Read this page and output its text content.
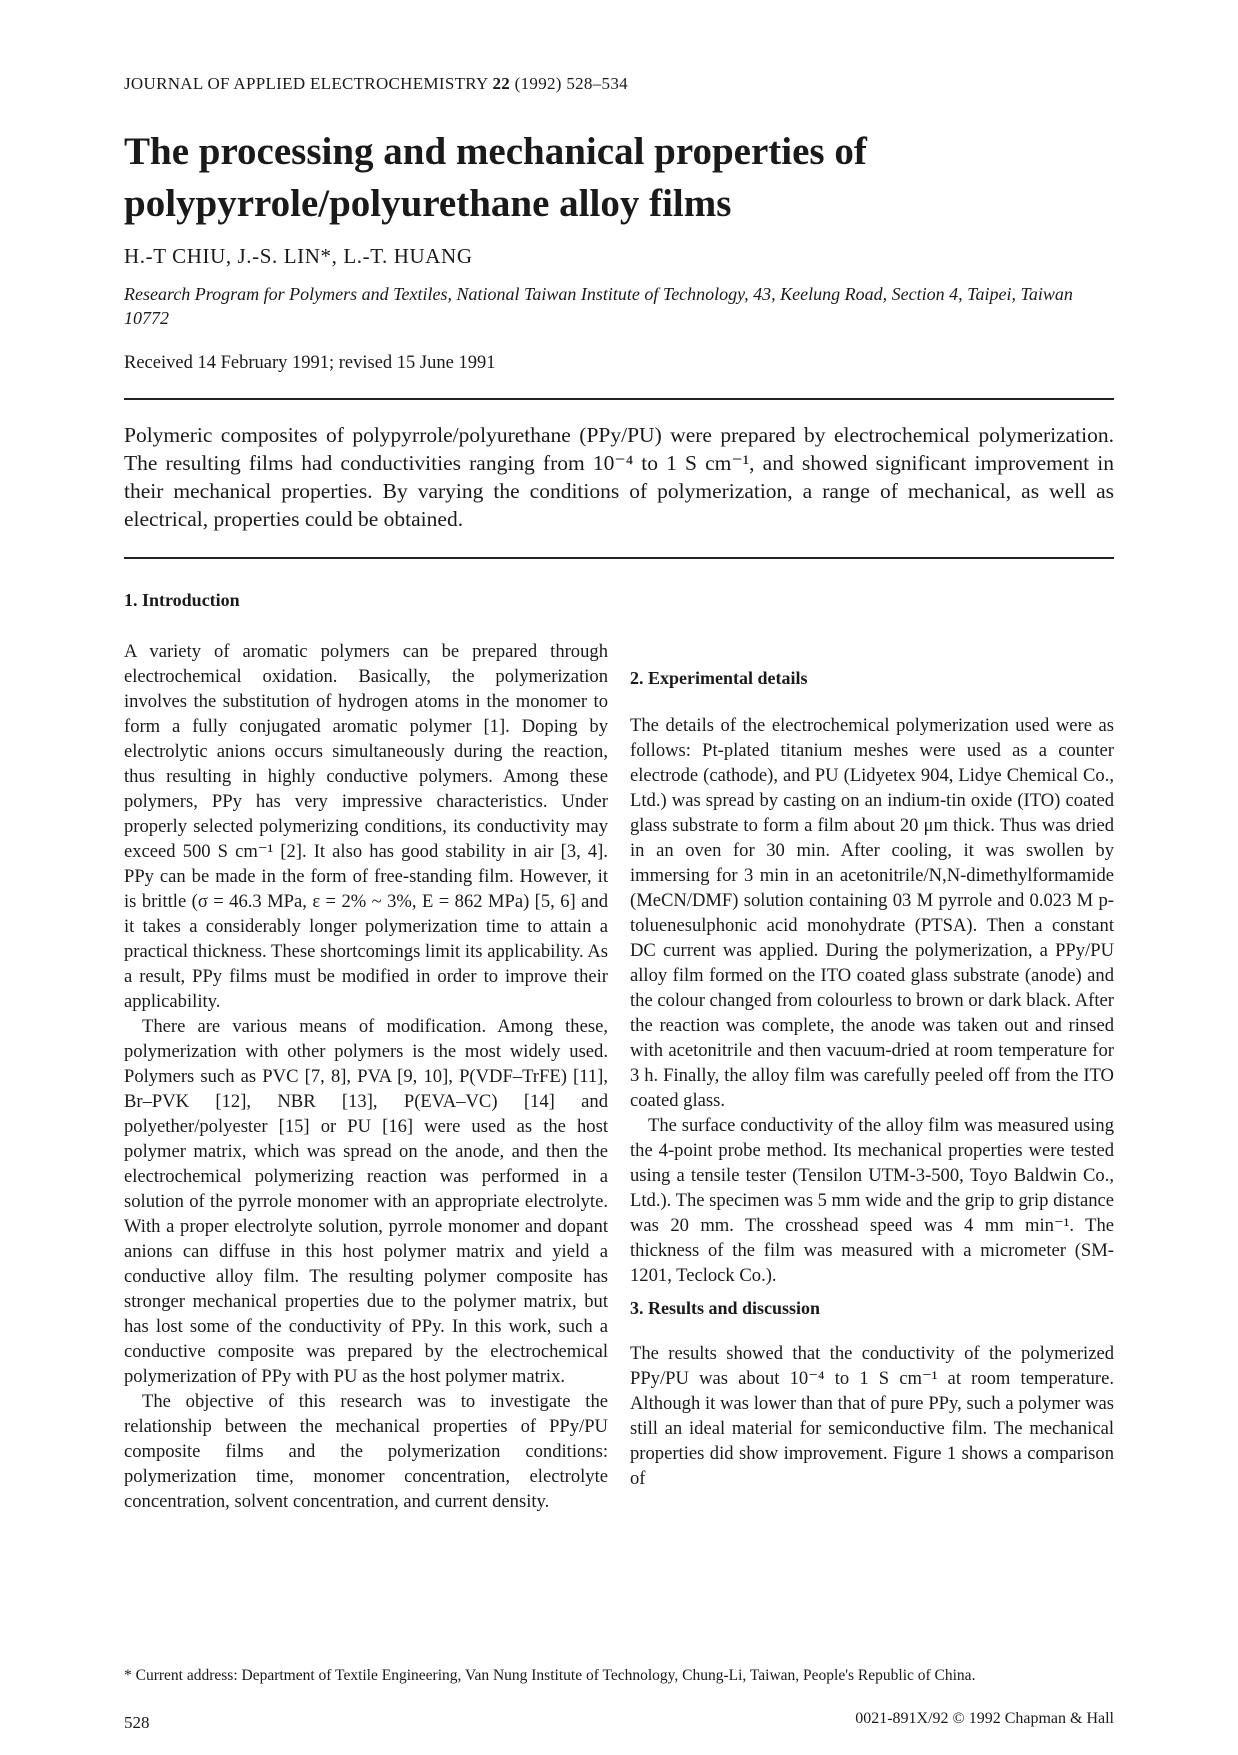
JOURNAL OF APPLIED ELECTROCHEMISTRY 22 (1992) 528–534
The processing and mechanical properties of polypyrrole/polyurethane alloy films
H.-T CHIU, J.-S. LIN*, L.-T. HUANG
Research Program for Polymers and Textiles, National Taiwan Institute of Technology, 43, Keelung Road, Section 4, Taipei, Taiwan 10772
Received 14 February 1991; revised 15 June 1991
Polymeric composites of polypyrrole/polyurethane (PPy/PU) were prepared by electrochemical polymerization. The resulting films had conductivities ranging from 10⁻⁴ to 1 S cm⁻¹, and showed significant improvement in their mechanical properties. By varying the conditions of polymerization, a range of mechanical, as well as electrical, properties could be obtained.
1. Introduction

A variety of aromatic polymers can be prepared through electrochemical oxidation. Basically, the polymerization involves the substitution of hydrogen atoms in the monomer to form a fully conjugated aromatic polymer [1]. Doping by electrolytic anions occurs simultaneously during the reaction, thus resulting in highly conductive polymers. Among these polymers, PPy has very impressive characteristics. Under properly selected polymerizing conditions, its conductivity may exceed 500 S cm⁻¹ [2]. It also has good stability in air [3, 4]. PPy can be made in the form of free-standing film. However, it is brittle (σ = 46.3 MPa, ε = 2% ~ 3%, E = 862 MPa) [5, 6] and it takes a considerably longer polymerization time to attain a practical thickness. These shortcomings limit its applicability. As a result, PPy films must be modified in order to improve their applicability.

There are various means of modification. Among these, polymerization with other polymers is the most widely used. Polymers such as PVC [7, 8], PVA [9, 10], P(VDF–TrFE) [11], Br–PVK [12], NBR [13], P(EVA–VC) [14] and polyether/polyester [15] or PU [16] were used as the host polymer matrix, which was spread on the anode, and then the electrochemical polymerizing reaction was performed in a solution of the pyrrole monomer with an appropriate electrolyte. With a proper electrolyte solution, pyrrole monomer and dopant anions can diffuse in this host polymer matrix and yield a conductive alloy film. The resulting polymer composite has stronger mechanical properties due to the polymer matrix, but has lost some of the conductivity of PPy. In this work, such a conductive composite was prepared by the electrochemical polymerization of PPy with PU as the host polymer matrix.

The objective of this research was to investigate the relationship between the mechanical properties of PPy/PU composite films and the polymerization conditions: polymerization time, monomer concentration, electrolyte concentration, solvent concentration, and current density.

2. Experimental details

The details of the electrochemical polymerization used were as follows: Pt-plated titanium meshes were used as a counter electrode (cathode), and PU (Lidyetex 904, Lidye Chemical Co., Ltd.) was spread by casting on an indium-tin oxide (ITO) coated glass substrate to form a film about 20 μm thick. Thus was dried in an oven for 30 min. After cooling, it was swollen by immersing for 3 min in an acetonitrile/N,N-dimethylformamide (MeCN/DMF) solution containing 03 M pyrrole and 0.023 M p-toluenesulphonic acid monohydrate (PTSA). Then a constant DC current was applied. During the polymerization, a PPy/PU alloy film formed on the ITO coated glass substrate (anode) and the colour changed from colourless to brown or dark black. After the reaction was complete, the anode was taken out and rinsed with acetonitrile and then vacuum-dried at room temperature for 3 h. Finally, the alloy film was carefully peeled off from the ITO coated glass.

The surface conductivity of the alloy film was measured using the 4-point probe method. Its mechanical properties were tested using a tensile tester (Tensilon UTM-3-500, Toyo Baldwin Co., Ltd.). The specimen was 5 mm wide and the grip to grip distance was 20 mm. The crosshead speed was 4 mm min⁻¹. The thickness of the film was measured with a micrometer (SM-1201, Teclock Co.).

3. Results and discussion

The results showed that the conductivity of the polymerized PPy/PU was about 10⁻⁴ to 1 S cm⁻¹ at room temperature. Although it was lower than that of pure PPy, such a polymer was still an ideal material for semiconductive film. The mechanical properties did show improvement. Figure 1 shows a comparison of

* Current address: Department of Textile Engineering, Van Nung Institute of Technology, Chung-Li, Taiwan, People's Republic of China.
528	0021-891X/92 © 1992 Chapman & Hall
